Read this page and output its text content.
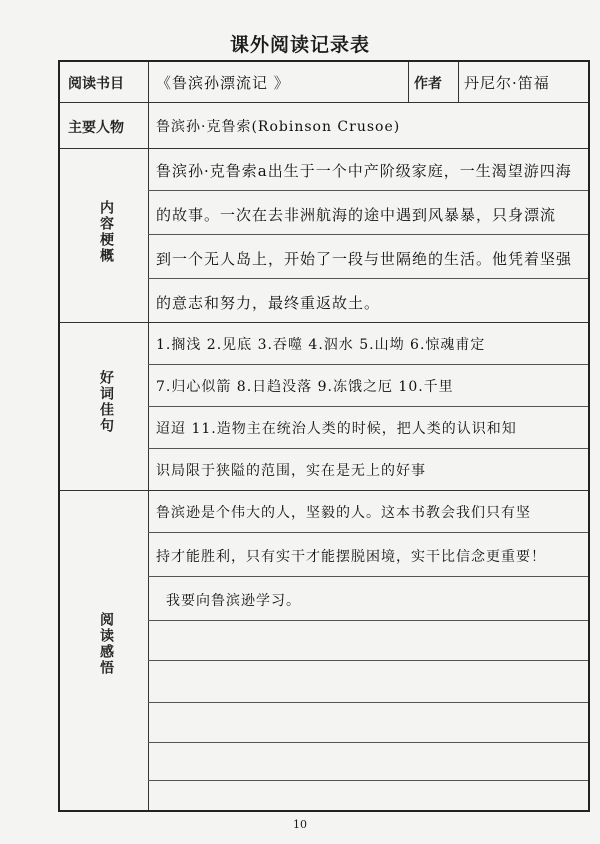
课外阅读记录表
阅读书目 《鲁滨孙漂流记 》	作者 丹尼尔·笛福
主要人物 鲁滨孙·克鲁索(Robinson Crusoe)
内容梗概
鲁滨孙·克鲁索a出生于一个中产阶级家庭，一生渴望游四海
的故事。一次在去非洲航海的途中遇到风暴暴，只身漂流
到一个无人岛上，开始了一段与世隔绝的生活。他凭着坚强
的意志和努力，最终重返故土。
好词佳句
1.搁浅 2.见底 3.吞噬 4.泅水 5.山坳 6.惊魂甫定
7.归心似箭 8.日趋没落 9.冻饿之厄 10.千里
迢迢 11.造物主在统治人类的时候，把人类的认识和知
识局限于狭隘的范围，实在是无上的好事
阅读感悟
鲁滨逊是个伟大的人，坚毅的人。这本书教会我们只有坚
持才能胜利，只有实干才能摆脱困境，实干比信念更重要！
我要向鲁滨逊学习。
10
